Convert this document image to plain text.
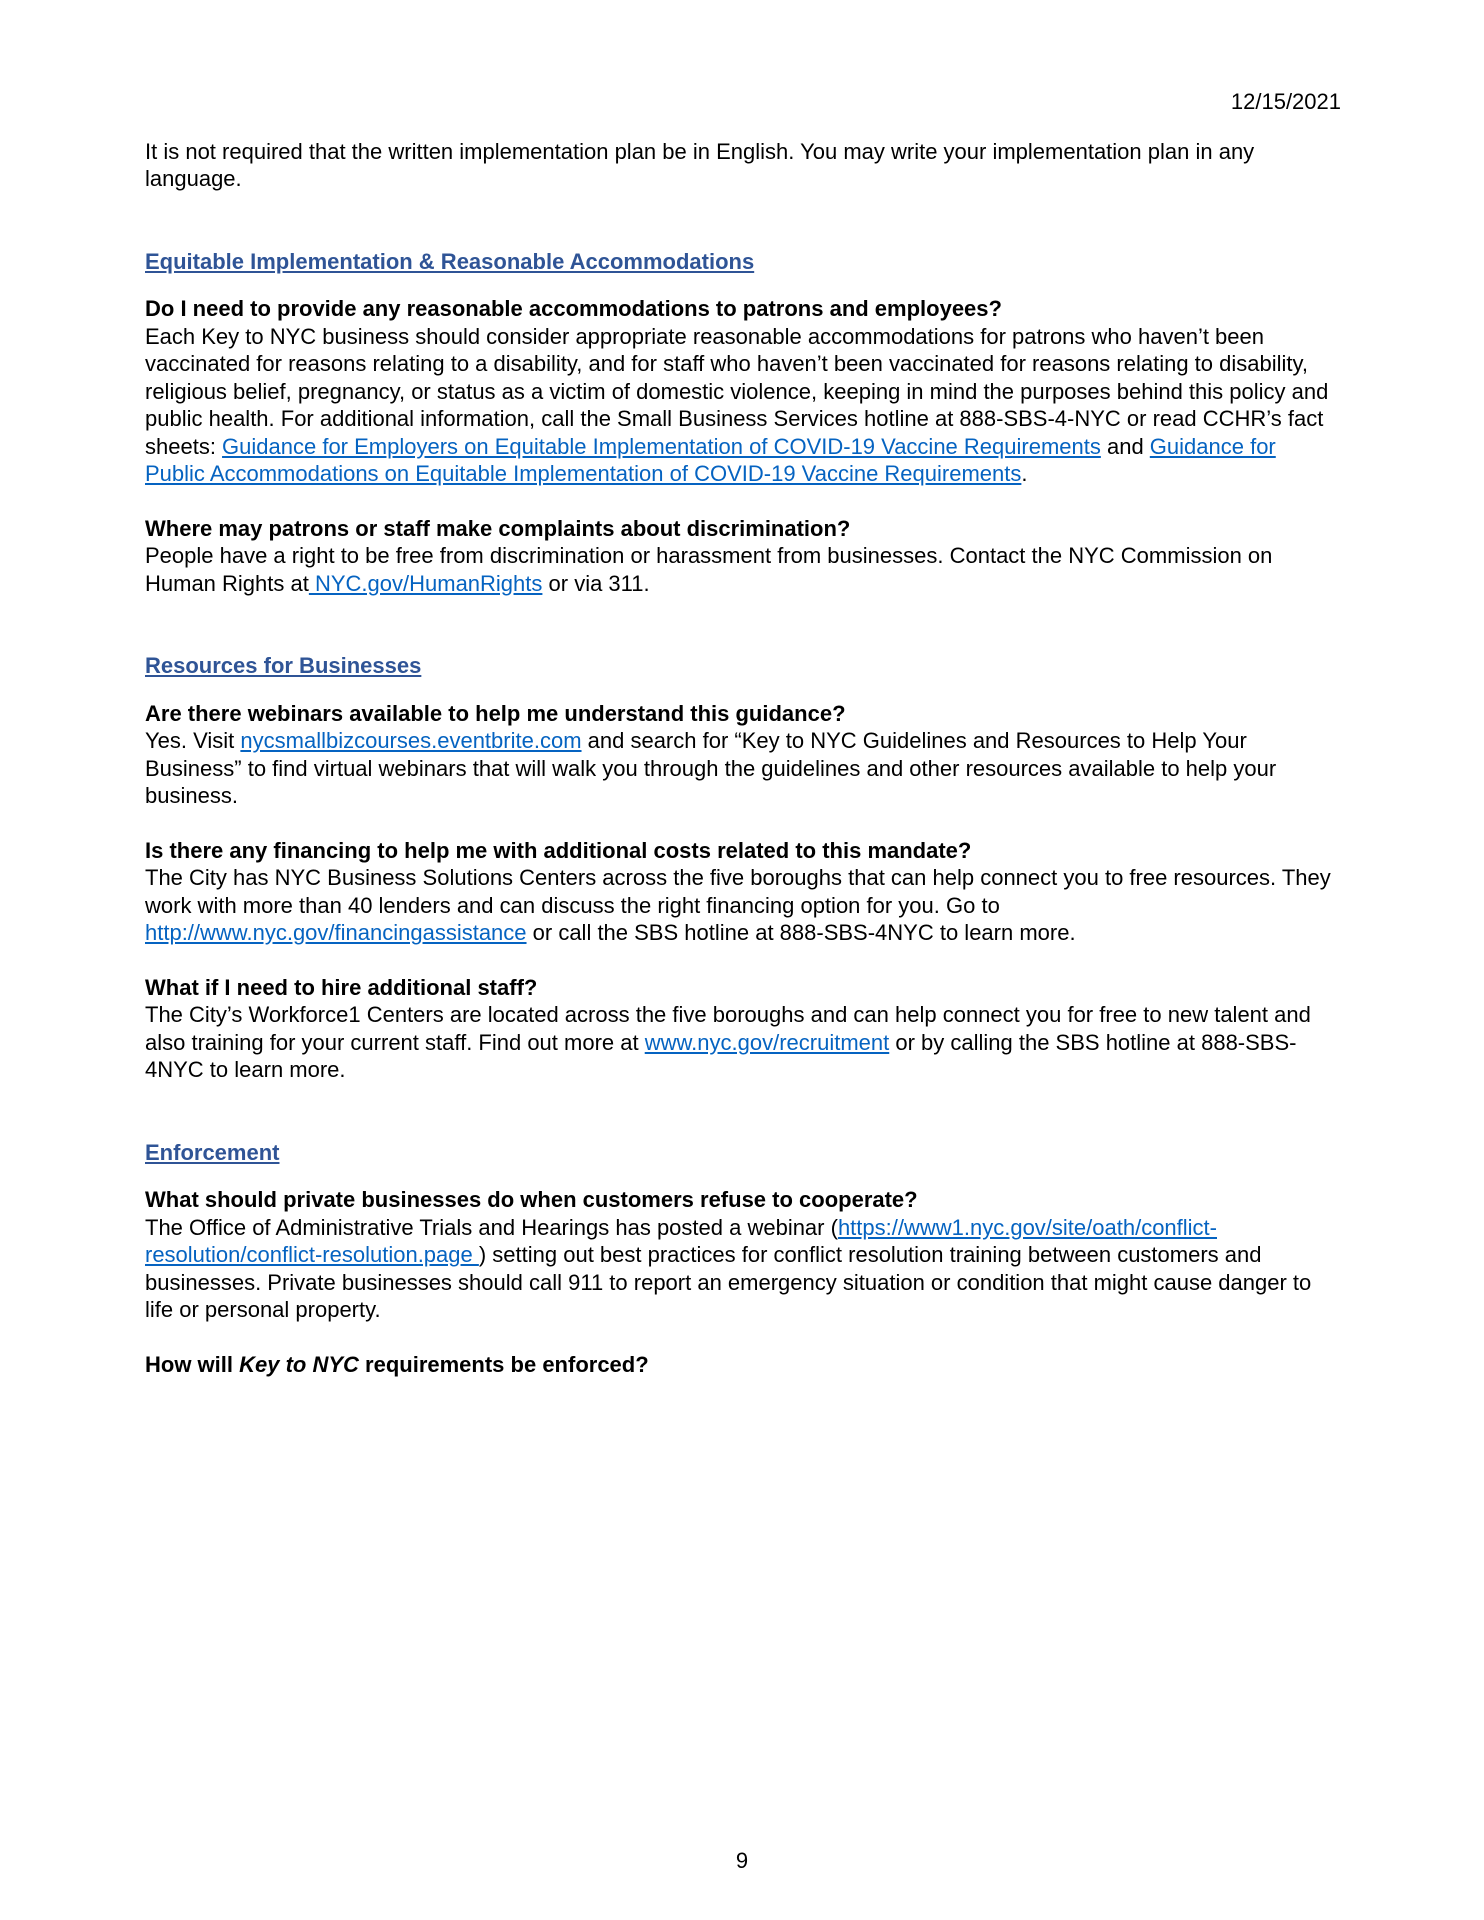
12/15/2021

It is not required that the written implementation plan be in English. You may write your implementation plan in any language.

Equitable Implementation & Reasonable Accommodations

Do I need to provide any reasonable accommodations to patrons and employees?

Each Key to NYC business should consider appropriate reasonable accommodations for patrons who haven’t been vaccinated for reasons relating to a disability, and for staff who haven’t been vaccinated for reasons relating to disability, religious belief, pregnancy, or status as a victim of domestic violence, keeping in mind the purposes behind this policy and public health. For additional information, call the Small Business Services hotline at 888-SBS-4-NYC or read CCHR’s fact sheets: Guidance for Employers on Equitable Implementation of COVID-19 Vaccine Requirements and Guidance for Public Accommodations on Equitable Implementation of COVID-19 Vaccine Requirements.

Where may patrons or staff make complaints about discrimination?

People have a right to be free from discrimination or harassment from businesses. Contact the NYC Commission on Human Rights at NYC.gov/HumanRights or via 311.

Resources for Businesses

Are there webinars available to help me understand this guidance?

Yes. Visit nycsmallbizcourses.eventbrite.com and search for “Key to NYC Guidelines and Resources to Help Your Business” to find virtual webinars that will walk you through the guidelines and other resources available to help your business.

Is there any financing to help me with additional costs related to this mandate?

The City has NYC Business Solutions Centers across the five boroughs that can help connect you to free resources. They work with more than 40 lenders and can discuss the right financing option for you. Go to http://www.nyc.gov/financingassistance or call the SBS hotline at 888-SBS-4NYC to learn more.

What if I need to hire additional staff?

The City’s Workforce1 Centers are located across the five boroughs and can help connect you for free to new talent and also training for your current staff. Find out more at www.nyc.gov/recruitment or by calling the SBS hotline at 888-SBS-4NYC to learn more.

Enforcement

What should private businesses do when customers refuse to cooperate?

The Office of Administrative Trials and Hearings has posted a webinar (https://www1.nyc.gov/site/oath/conflict-resolution/conflict-resolution.page ) setting out best practices for conflict resolution training between customers and businesses. Private businesses should call 911 to report an emergency situation or condition that might cause danger to life or personal property.

How will Key to NYC requirements be enforced?

9
